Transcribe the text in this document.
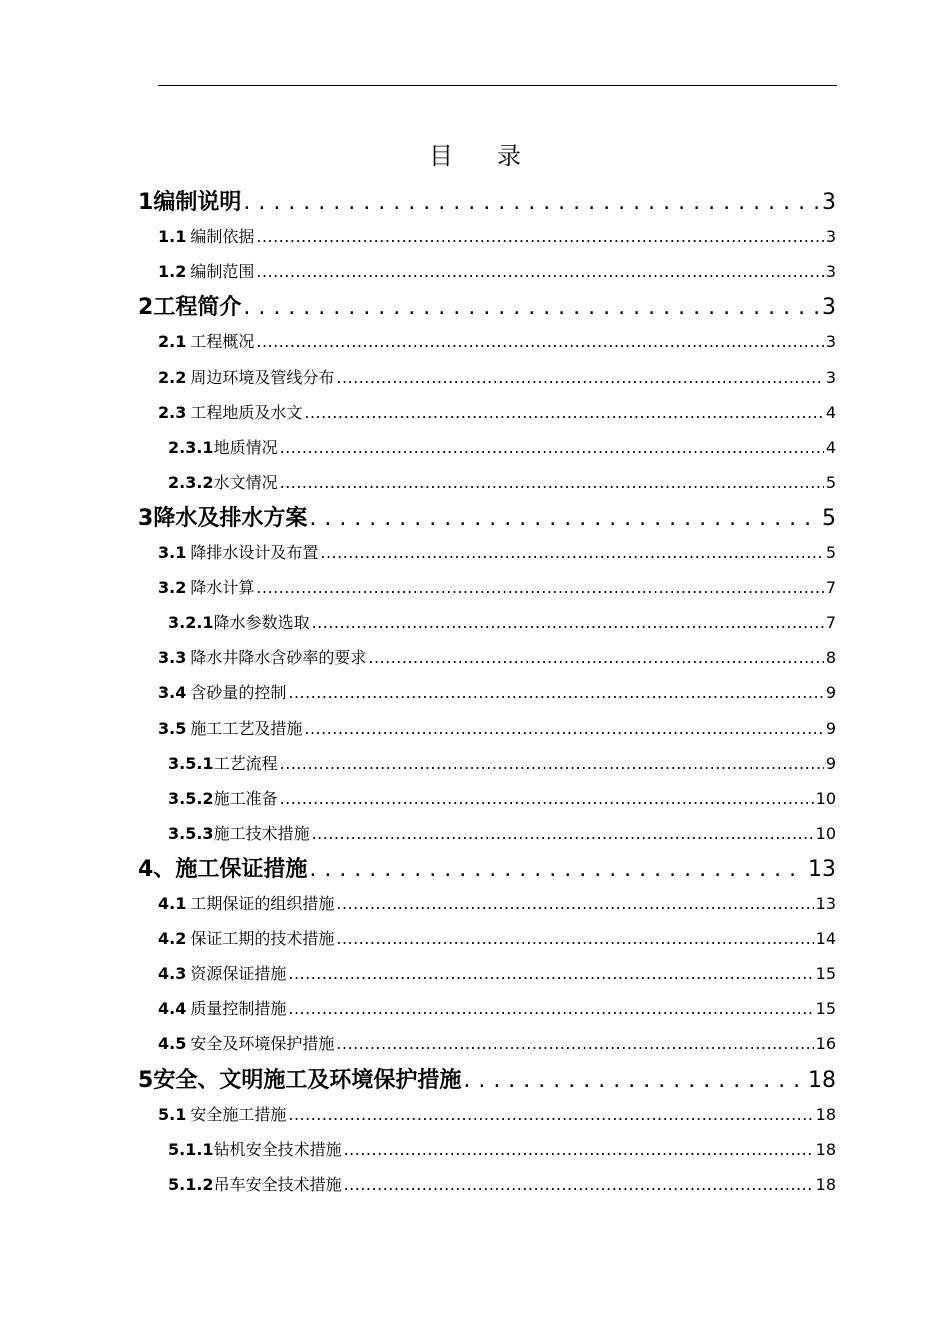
目 录
1 编制说明 .....	3
1.1 编制依据 .....	3
1.2 编制范围 .....	3
2 工程简介 .....	3
2.1 工程概况 .....	3
2.2 周边环境及管线分布 .....	3
2.3 工程地质及水文 .....	4
2.3.1 地质情况 .....	4
2.3.2 水文情况 .....	5
3 降水及排水方案 .....	5
3.1 降排水设计及布置 .....	5
3.2 降水计算 .....	7
3.2.1 降水参数选取 .....	7
3.3 降水井降水含砂率的要求 .....	8
3.4 含砂量的控制 .....	9
3.5 施工工艺及措施 .....	9
3.5.1 工艺流程 .....	9
3.5.2 施工准备 .....	10
3.5.3 施工技术措施 .....	10
4、 施工保证措施 .....	13
4.1 工期保证的组织措施 .....	13
4.2 保证工期的技术措施 .....	14
4.3 资源保证措施 .....	15
4.4 质量控制措施 .....	15
4.5 安全及环境保护措施 .....	16
5 安全、文明施工及环境保护措施 .....	18
5.1 安全施工措施 .....	18
5.1.1 钻机安全技术措施 .....	18
5.1.2 吊车安全技术措施 .....	18
